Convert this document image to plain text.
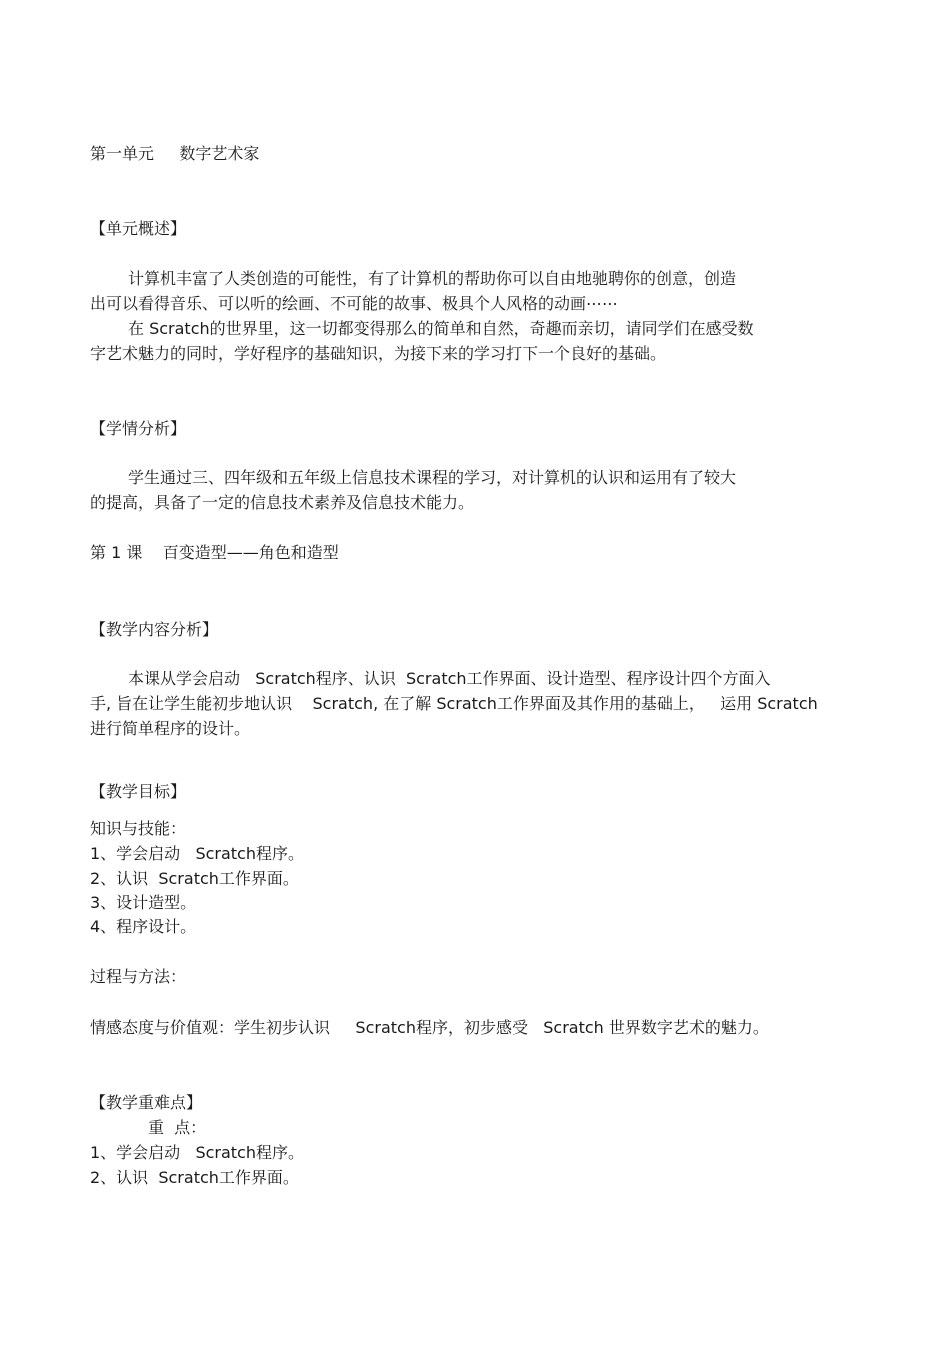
第一单元     数字艺术家
【单元概述】
计算机丰富了人类创造的可能性，有了计算机的帮助你可以自由地驰聘你的创意，创造
出可以看得音乐、可以听的绘画、不可能的故事、极具个人风格的动画⋯⋯
在 Scratch的世界里，这一切都变得那么的简单和自然，奇趣而亲切，请同学们在感受数
字艺术魅力的同时，学好程序的基础知识，为接下来的学习打下一个良好的基础。
【学情分析】
学生通过三、四年级和五年级上信息技术课程的学习，对计算机的认识和运用有了较大
的提高，具备了一定的信息技术素养及信息技术能力。
第 1 课    百变造型——角色和造型
【教学内容分析】
本课从学会启动   Scratch程序、认识  Scratch工作界面、设计造型、程序设计四个方面入
手, 旨在让学生能初步地认识    Scratch, 在了解 Scratch工作界面及其作用的基础上，   运用 Scratch
进行简单程序的设计。
【教学目标】
知识与技能：
1、学会启动   Scratch程序。
2、认识  Scratch工作界面。
3、设计造型。
4、程序设计。
过程与方法：
情感态度与价值观：学生初步认识     Scratch程序，初步感受   Scratch 世界数字艺术的魅力。
【教学重难点】
重  点：
1、学会启动   Scratch程序。
2、认识  Scratch工作界面。
